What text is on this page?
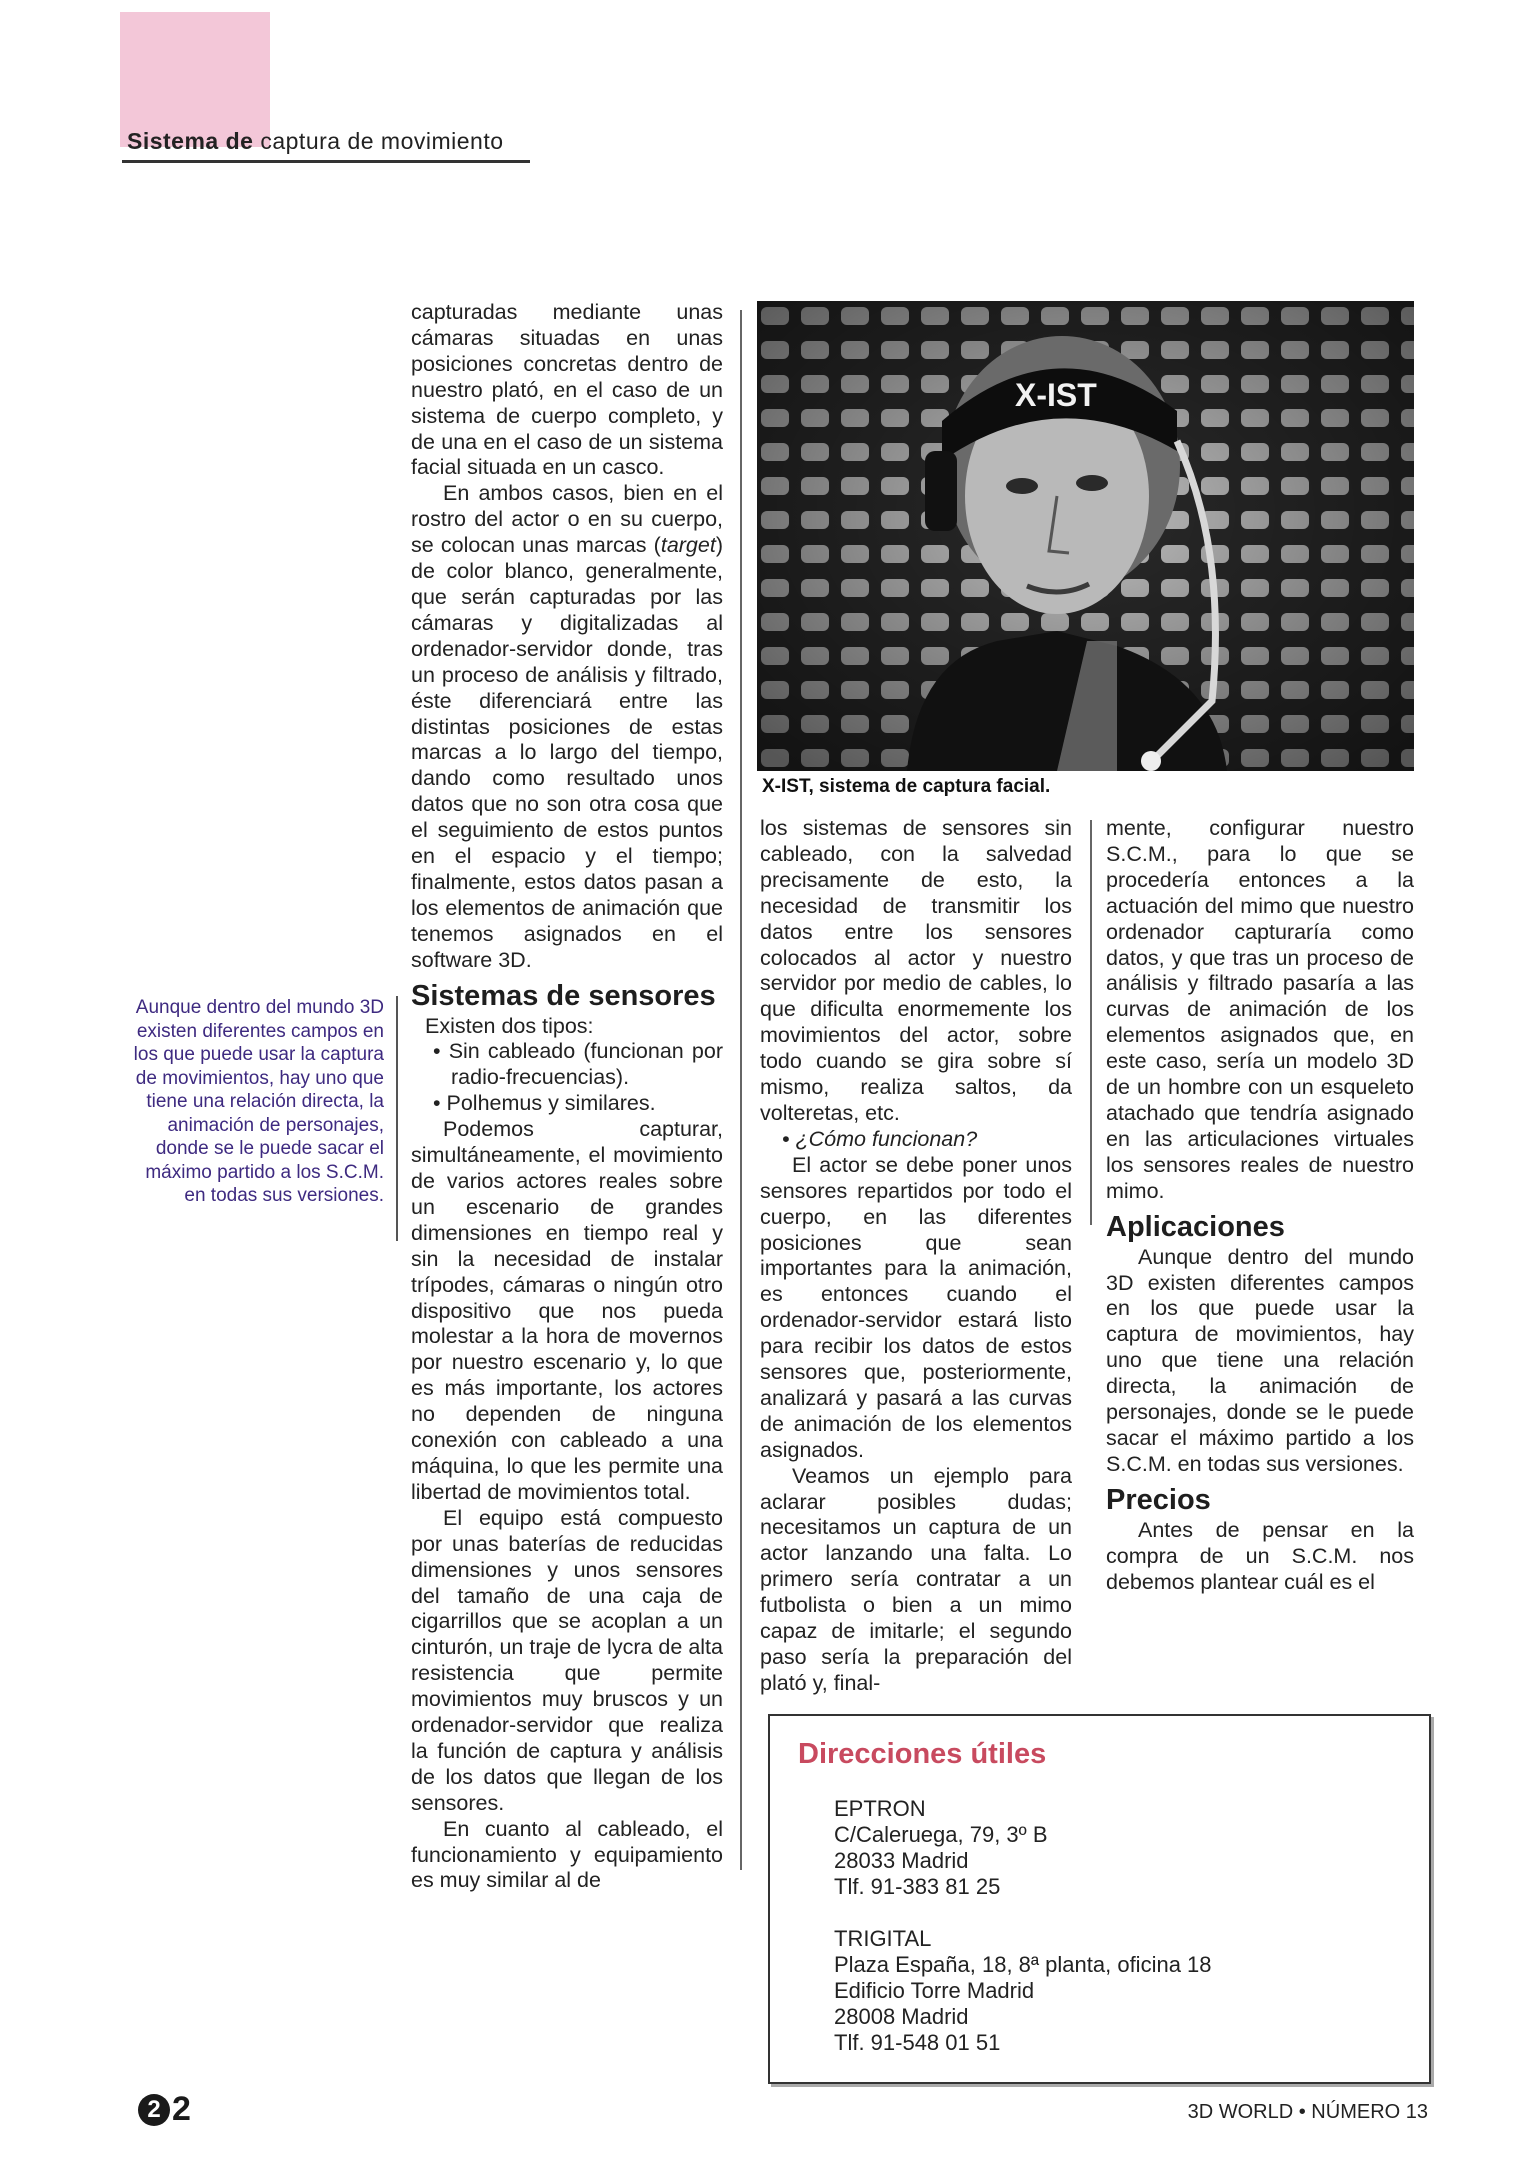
Sistema de captura de movimiento
Aunque dentro del mundo 3D existen diferentes campos en los que puede usar la captura de movimientos, hay uno que tiene una relación directa, la animación de personajes, donde se le puede sacar el máximo partido a los S.C.M. en todas sus versiones.

capturadas mediante unas cámaras situadas en unas posiciones concretas dentro de nuestro plató, en el caso de un sistema de cuerpo completo, y de una en el caso de un sistema facial situada en un casco.

En ambos casos, bien en el rostro del actor o en su cuerpo, se colocan unas marcas (target) de color blanco, generalmente, que serán capturadas por las cámaras y digitalizadas al ordenador-servidor donde, tras un proceso de análisis y filtrado, éste diferenciará entre las distintas posiciones de estas marcas a lo largo del tiempo, dando como resultado unos datos que no son otra cosa que el seguimiento de estos puntos en el espacio y el tiempo; finalmente, estos datos pasan a los elementos de animación que tenemos asignados en el software 3D.

Sistemas de sensores

Existen dos tipos:

• Sin cableado (funcionan por radio-frecuencias).

• Polhemus y similares.

Podemos capturar, simultáneamente, el movimiento de varios actores reales sobre un escenario de grandes dimensiones en tiempo real y sin la necesidad de instalar trípodes, cámaras o ningún otro dispositivo que nos pueda molestar a la hora de movernos por nuestro escenario y, lo que es más importante, los actores no dependen de ninguna conexión con cableado a una máquina, lo que les permite una libertad de movimientos total.

El equipo está compuesto por unas baterías de reducidas dimensiones y unos sensores del tamaño de una caja de cigarrillos que se acoplan a un cinturón, un traje de lycra de alta resistencia que permite movimientos muy bruscos y un ordenador-servidor que realiza la función de captura y análisis de los datos que llegan de los sensores.

En cuanto al cableado, el funcionamiento y equipamiento es muy similar al de

X-IST
X-IST, sistema de captura facial.

los sistemas de sensores sin cableado, con la salvedad precisamente de esto, la necesidad de transmitir los datos entre los sensores colocados al actor y nuestro servidor por medio de cables, lo que dificulta enormemente los movimientos del actor, sobre todo cuando se gira sobre sí mismo, realiza saltos, da volteretas, etc.

• ¿Cómo funcionan?

El actor se debe poner unos sensores repartidos por todo el cuerpo, en las diferentes posiciones que sean importantes para la animación, es entonces cuando el ordenador-servidor estará listo para recibir los datos de estos sensores que, posteriormente, analizará y pasará a las curvas de animación de los elementos asignados.

Veamos un ejemplo para aclarar posibles dudas; necesitamos un captura de un actor lanzando una falta. Lo primero sería contratar a un futbolista o bien a un mimo capaz de imitarle; el segundo paso sería la preparación del plató y, final-

mente, configurar nuestro S.C.M., para lo que se procedería entonces a la actuación del mimo que nuestro ordenador capturaría como datos, y que tras un proceso de análisis y filtrado pasaría a las curvas de animación de los elementos asignados que, en este caso, sería un modelo 3D de un hombre con un esqueleto atachado que tendría asignado en las articulaciones virtuales los sensores reales de nuestro mimo.

Aplicaciones

Aunque dentro del mundo 3D existen diferentes campos en los que puede usar la captura de movimientos, hay uno que tiene una relación directa, la animación de personajes, donde se le puede sacar el máximo partido a los S.C.M. en todas sus versiones.

Precios

Antes de pensar en la compra de un S.C.M. nos debemos plantear cuál es el

Direcciones útiles
EPTRON
C/Caleruega, 79, 3º B
28033 Madrid
Tlf. 91-383 81 25
TRIGITAL
Plaza España, 18, 8ª planta, oficina 18
Edificio Torre Madrid
28008 Madrid
Tlf. 91-548 01 51
2 2	3D WORLD • NÚMERO 13
